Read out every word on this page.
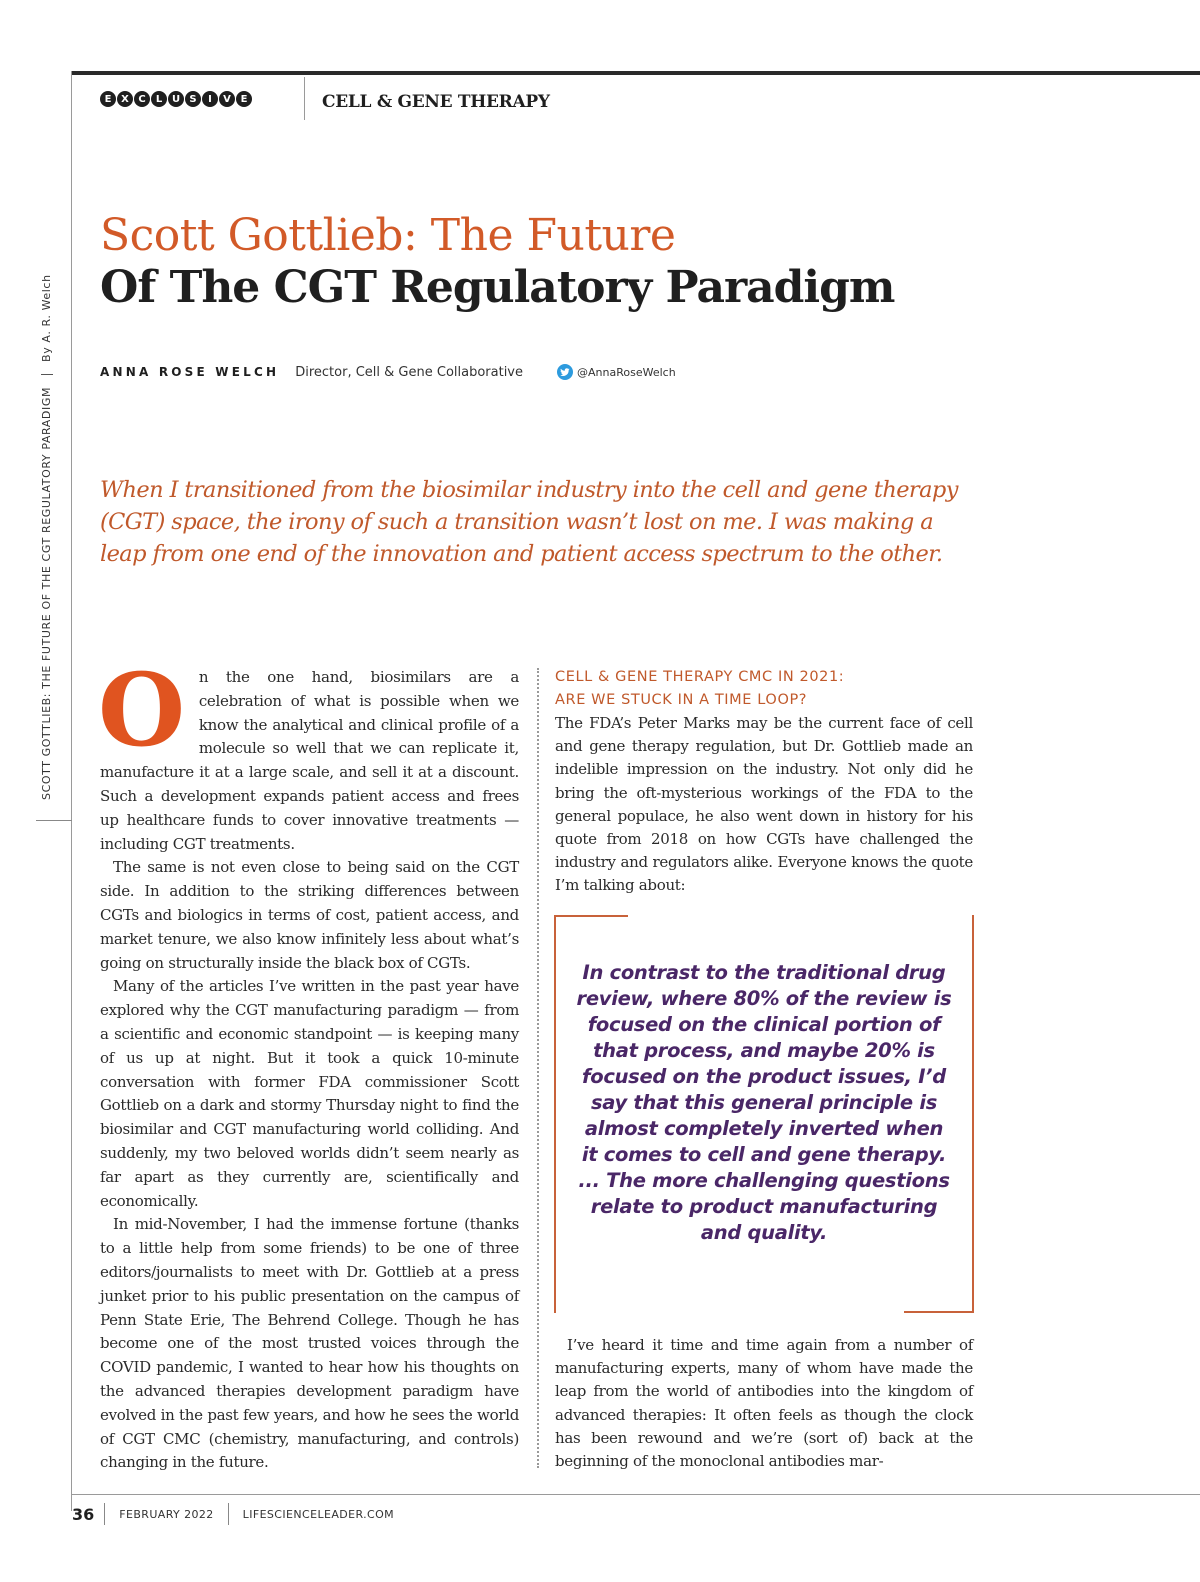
E X C	L U S	I	V E	CELL & GENE THERAPY
SCOTT GOTTLIEB: THE FUTURE OF THE CGT REGULATORY PARADIGM
By A. R. Welch
Scott Gottlieb: The Future
Of The CGT Regulatory Paradigm
ANNA ROSE WELCH Director, Cell & Gene Collaborative	@AnnaRoseWelch
When I transitioned from the biosimilar industry into the cell and gene therapy (CGT) space, the irony of such a transition wasn’t lost on me. I was making a leap from one end of the innovation and patient access spectrum to the other.

On the one hand, biosimilars are a celebration of what is possible when we know the analytical and clinical profile of a molecule so well that we can replicate it, manufacture it at a large scale, and sell it at a discount. Such a development expands patient access and frees up healthcare funds to cover innovative treatments — including CGT treatments.

The same is not even close to being said on the CGT side. In addition to the striking differences between CGTs and biologics in terms of cost, patient access, and market tenure, we also know infinitely less about what’s going on structurally inside the black box of CGTs.

Many of the articles I’ve written in the past year have explored why the CGT manufacturing paradigm — from a scientific and economic standpoint — is keeping many of us up at night. But it took a quick 10-minute conversation with former FDA commissioner Scott Gottlieb on a dark and stormy Thursday night to find the biosimilar and CGT manufacturing world colliding. And suddenly, my two beloved worlds didn’t seem nearly as far apart as they currently are, scientifically and economically.

In mid-November, I had the immense fortune (thanks to a little help from some friends) to be one of three editors/journalists to meet with Dr. Gottlieb at a press junket prior to his public presentation on the campus of Penn State Erie, The Behrend College. Though he has become one of the most trusted voices through the COVID pandemic, I wanted to hear how his thoughts on the advanced therapies development paradigm have evolved in the past few years, and how he sees the world of CGT CMC (chemistry, manufacturing, and controls) changing in the future.

CELL & GENE THERAPY CMC IN 2021:
ARE WE STUCK IN A TIME LOOP?

The FDA’s Peter Marks may be the current face of cell and gene therapy regulation, but Dr. Gottlieb made an indelible impression on the industry. Not only did he bring the oft-mysterious workings of the FDA to the general populace, he also went down in history for his quote from 2018 on how CGTs have challenged the industry and regulators alike. Everyone knows the quote I’m talking about:

In contrast to the traditional drug review, where 80% of the review is focused on the clinical portion of that process, and maybe 20% is focused on the product issues, I’d say that this general principle is almost completely inverted when it comes to cell and gene therapy. ... The more challenging questions relate to product manufacturing and quality.
I’ve heard it time and time again from a number of manufacturing experts, many of whom have made the leap from the world of antibodies into the kingdom of advanced therapies: It often feels as though the clock has been rewound and we’re (sort of) back at the beginning of the monoclonal antibodies mar-
36 FEBRUARY 2022	LIFESCIENCELEADER.COM
